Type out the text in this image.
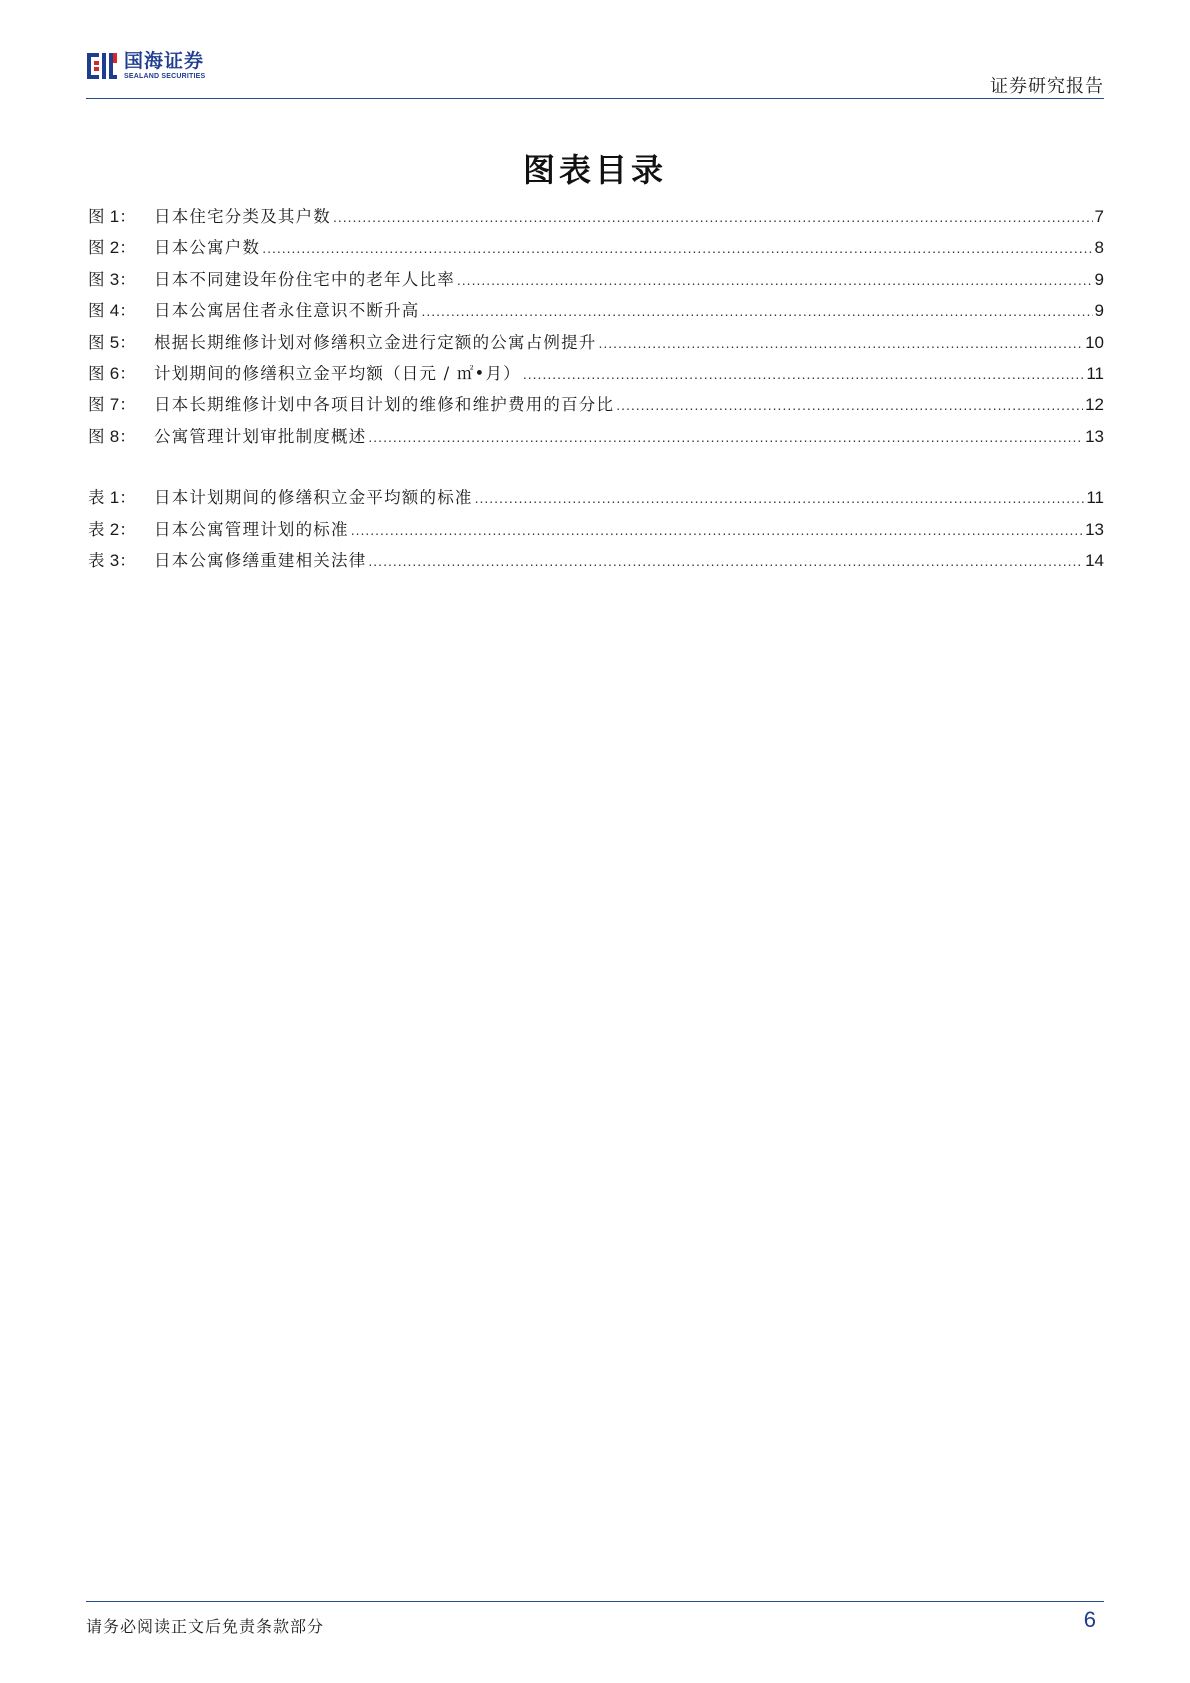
国海证券
SEALAND SECURITIES	证券研究报告
图表目录
图 1：	日本住宅分类及其户数 .....	7
图 2：	日本公寓户数 .....	8
图 3：	日本不同建设年份住宅中的老年人比率 .....	9
图 4：	日本公寓居住者永住意识不断升高 .....	9
图 5：	根据长期维修计划对修缮积立金进行定额的公寓占例提升 .....	10
图 6：	计划期间的修缮积立金平均额（日元 / ㎡•月） .....	11
图 7：	日本长期维修计划中各项目计划的维修和维护费用的百分比 .....	12
图 8：	公寓管理计划审批制度概述 .....	13
表 1：	日本计划期间的修缮积立金平均额的标准 .....	11
表 2：	日本公寓管理计划的标准 .....	13
表 3：	日本公寓修缮重建相关法律 .....	14
请务必阅读正文后免责条款部分	6
